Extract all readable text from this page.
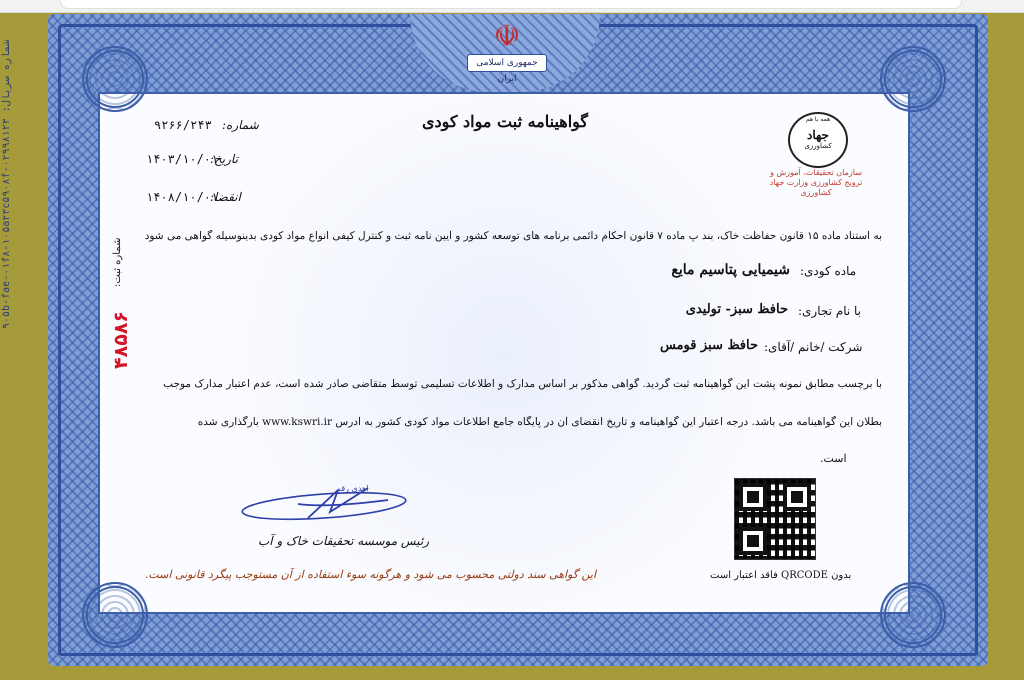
شماره سریال: ۰۲۹۹۸۱۲۳-۹۰۵b-fae-۰۱f۸-۱۰۵a۲۳c۵۹۰۸f
☫
جمهوری اسلامی ایران
گواهینامه ثبت مواد کودی
شماره:
۹۲۶۶/۲۴۳
تاریخ:
۱۴۰۳/۱۰/۰۱
انقضا:
۱۴۰۸/۱۰/۰۱
همه با هم
جهاد
کشاورزی
سازمان تحقیقات، آموزش و ترویج کشاورزی وزارت جهاد کشاورزی
به استناد ماده ۱۵ قانون حفاظت خاک، بند پ ماده ۷ قانون احکام دائمی برنامه های توسعه کشور و آیین نامه ثبت و کنترل کیفی انواع مواد کودی بدینوسیله گواهی می شود
ماده کودی:
شیمیایی پتاسیم مایع
با نام تجاری:
حافظ سبز- تولیدی
شرکت /خانم /آقای:
حافظ سبز قومس
شماره ثبت:
۴۸۵۸۶
با برچسب مطابق نمونه پشت این گواهینامه ثبت گردید. گواهی مذکور بر اساس مدارک و اطلاعات تسلیمی توسط متقاضی صادر شده است، عدم اعتبار مدارک موجب
بطلان این گواهینامه می باشد. درجه اعتبار این گواهینامه و تاریخ انقضای آن در پایگاه جامع اطلاعات مواد کودی کشور به آدرس www.kswri.ir بارگذاری شده
است.
اهدی رقم
رئیس موسسه تحقیقات خاک و آب
بدون QRCODE فاقد اعتبار است
این گواهی سند دولتی محسوب می شود و هرگونه سوء استفاده از آن مستوجب پیگرد قانونی است.
